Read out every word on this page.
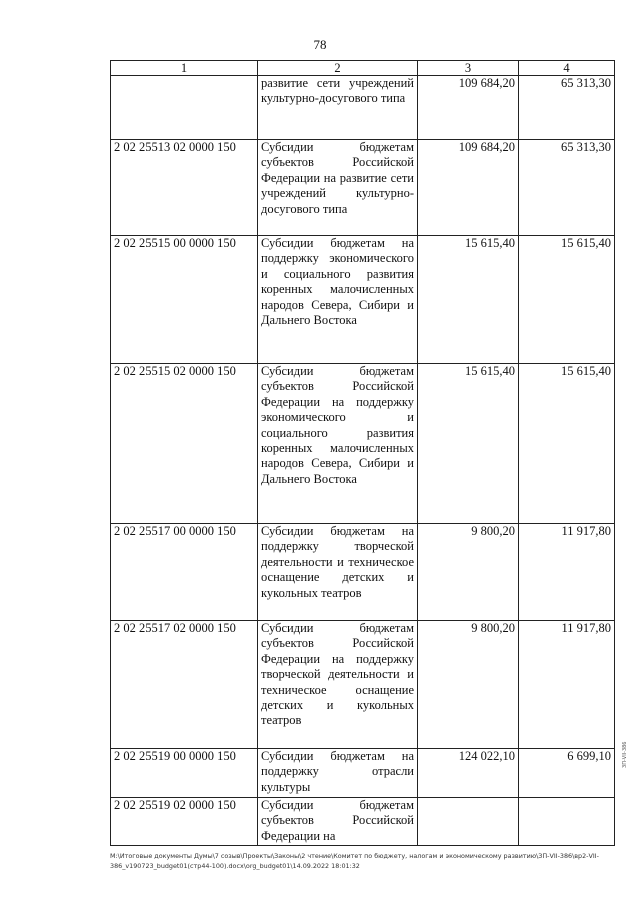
78
1	2	3	4
	развитие сети учреждений культурно-досугового типа	109 684,20	65 313,30
2 02 25513 02 0000 150	Субсидии бюджетам субъектов Российской Федерации на развитие сети учреждений культурно-досугового типа	109 684,20	65 313,30
2 02 25515 00 0000 150	Субсидии бюджетам на поддержку экономического и социального развития коренных малочисленных народов Севера, Сибири и Дальнего Востока	15 615,40	15 615,40
2 02 25515 02 0000 150	Субсидии бюджетам субъектов Российской Федерации на поддержку экономического и социального развития коренных малочисленных народов Севера, Сибири и Дальнего Востока	15 615,40	15 615,40
2 02 25517 00 0000 150	Субсидии бюджетам на поддержку творческой деятельности и техническое оснащение детских и кукольных театров	9 800,20	11 917,80
2 02 25517 02 0000 150	Субсидии бюджетам субъектов Российской Федерации на поддержку творческой деятельности и техническое оснащение детских и кукольных театров	9 800,20	11 917,80
2 02 25519 00 0000 150	Субсидии бюджетам на поддержку отрасли культуры	124 022,10	6 699,10
2 02 25519 02 0000 150	Субсидии бюджетам субъектов Российской Федерации на		
M:\Итоговые документы Думы\7 созыв\Проекты\Законы\2 чтение\Комитет по бюджету, налогам и экономическому развитию\ЗП-VII-386\вр2-VII-386_v190723_budget01(стр44-100).docx\org_budget01\14.09.2022 18:01:32
ЗП-VII-386
